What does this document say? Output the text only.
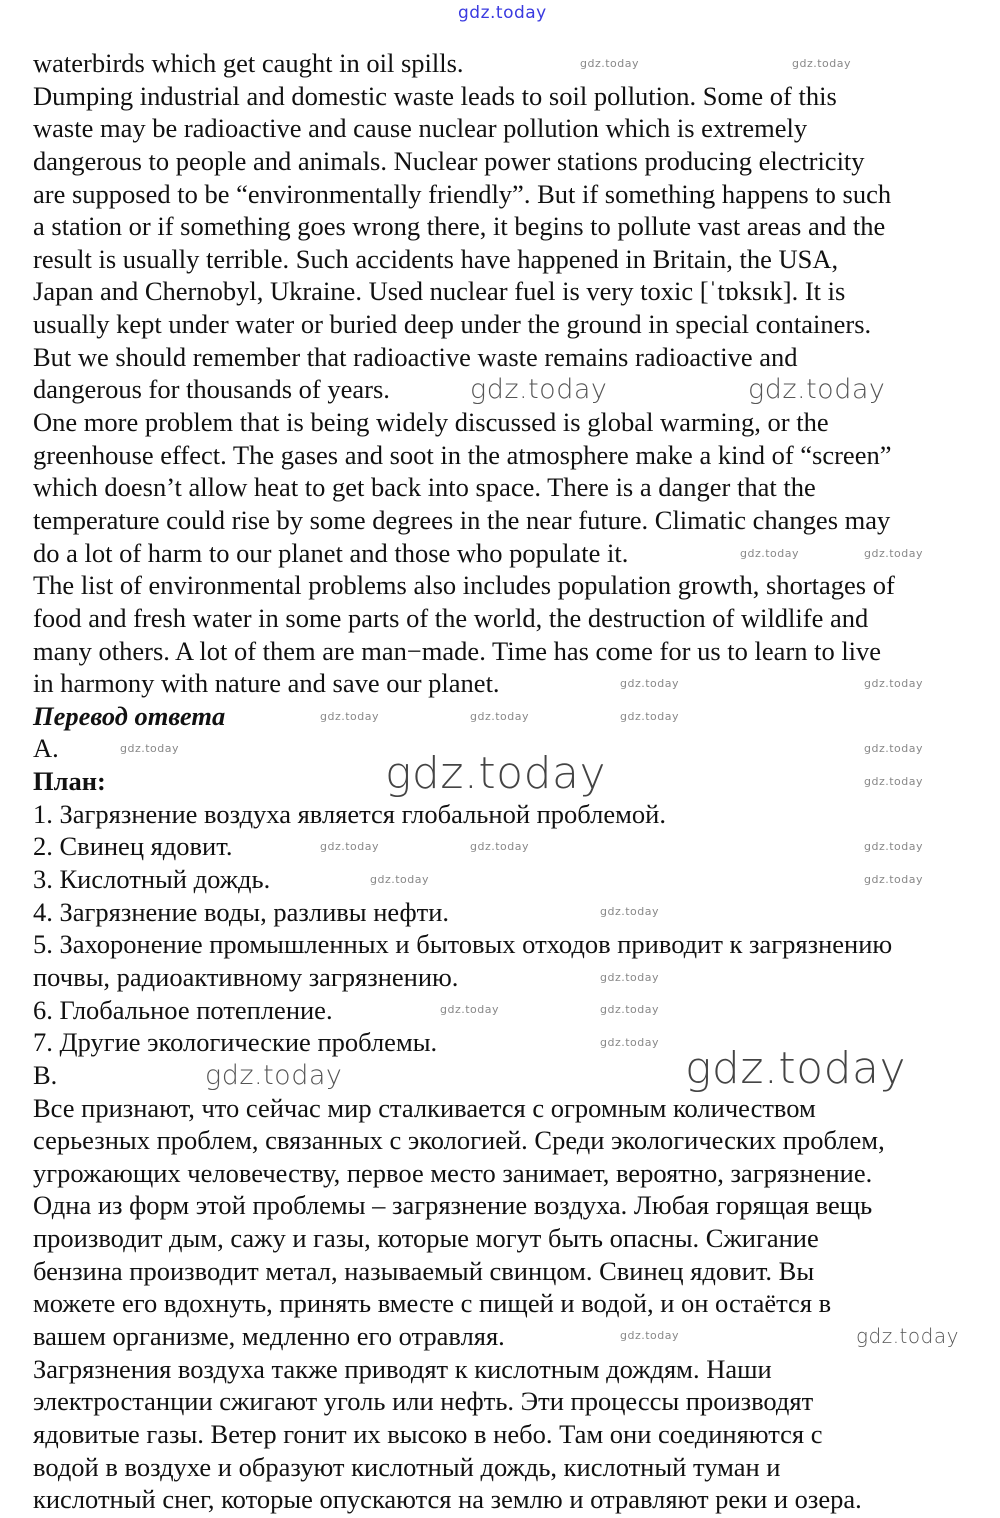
waterbirds which get caught in oil spills.
Dumping industrial and domestic waste leads to soil pollution. Some of this
waste may be radioactive and cause nuclear pollution which is extremely
dangerous to people and animals. Nuclear power stations producing electricity
are supposed to be “environmentally friendly”. But if something happens to such
a station or if something goes wrong there, it begins to pollute vast areas and the
result is usually terrible. Such accidents have happened in Britain, the USA,
Japan and Chernobyl, Ukraine. Used nuclear fuel is very toxic [ˈtɒksɪk]. It is
usually kept under water or buried deep under the ground in special containers.
But we should remember that radioactive waste remains radioactive and
dangerous for thousands of years.
One more problem that is being widely discussed is global warming, or the
greenhouse effect. The gases and soot in the atmosphere make a kind of “screen”
which doesn’t allow heat to get back into space. There is a danger that the
temperature could rise by some degrees in the near future. Climatic changes may
do a lot of harm to our planet and those who populate it.
The list of environmental problems also includes population growth, shortages of
food and fresh water in some parts of the world, the destruction of wildlife and
many others. A lot of them are man−made. Time has come for us to learn to live
in harmony with nature and save our planet.
Перевод ответа
A.
План:
1. Загрязнение воздуха является глобальной проблемой.
2. Свинец ядовит.
3. Кислотный дождь.
4. Загрязнение воды, разливы нефти.
5. Захоронение промышленных и бытовых отходов приводит к загрязнению
почвы, радиоактивному загрязнению.
6. Глобальное потепление.
7. Другие экологические проблемы.
B.
Все признают, что сейчас мир сталкивается с огромным количеством
серьезных проблем, связанных с экологией. Среди экологических проблем,
угрожающих человечеству, первое место занимает, вероятно, загрязнение.
Одна из форм этой проблемы – загрязнение воздуха. Любая горящая вещь
производит дым, сажу и газы, которые могут быть опасны. Сжигание
бензина производит метал, называемый свинцом. Свинец ядовит. Вы
можете его вдохнуть, принять вместе с пищей и водой, и он остаётся в
вашем организме, медленно его отравляя.
Загрязнения воздуха также приводят к кислотным дождям. Наши
электростанции сжигают уголь или нефть. Эти процессы производят
ядовитые газы. Ветер гонит их высоко в небо. Там они соединяются с
водой в воздухе и образуют кислотный дождь, кислотный туман и
кислотный снег, которые опускаются на землю и отравляют реки и озера.
gdz.today
gdz.today	gdz.today
gdz.today	gdz.today
gdz.today	gdz.today
gdz.today	gdz.today
gdz.today	gdz.today	gdz.today
gdz.today	gdz.today
gdz.today	gdz.today
gdz.today	gdz.today	gdz.today
gdz.today	gdz.today
gdz.today
gdz.today
gdz.today	gdz.today
gdz.today
gdz.today	gdz.today
gdz.today	gdz.today
